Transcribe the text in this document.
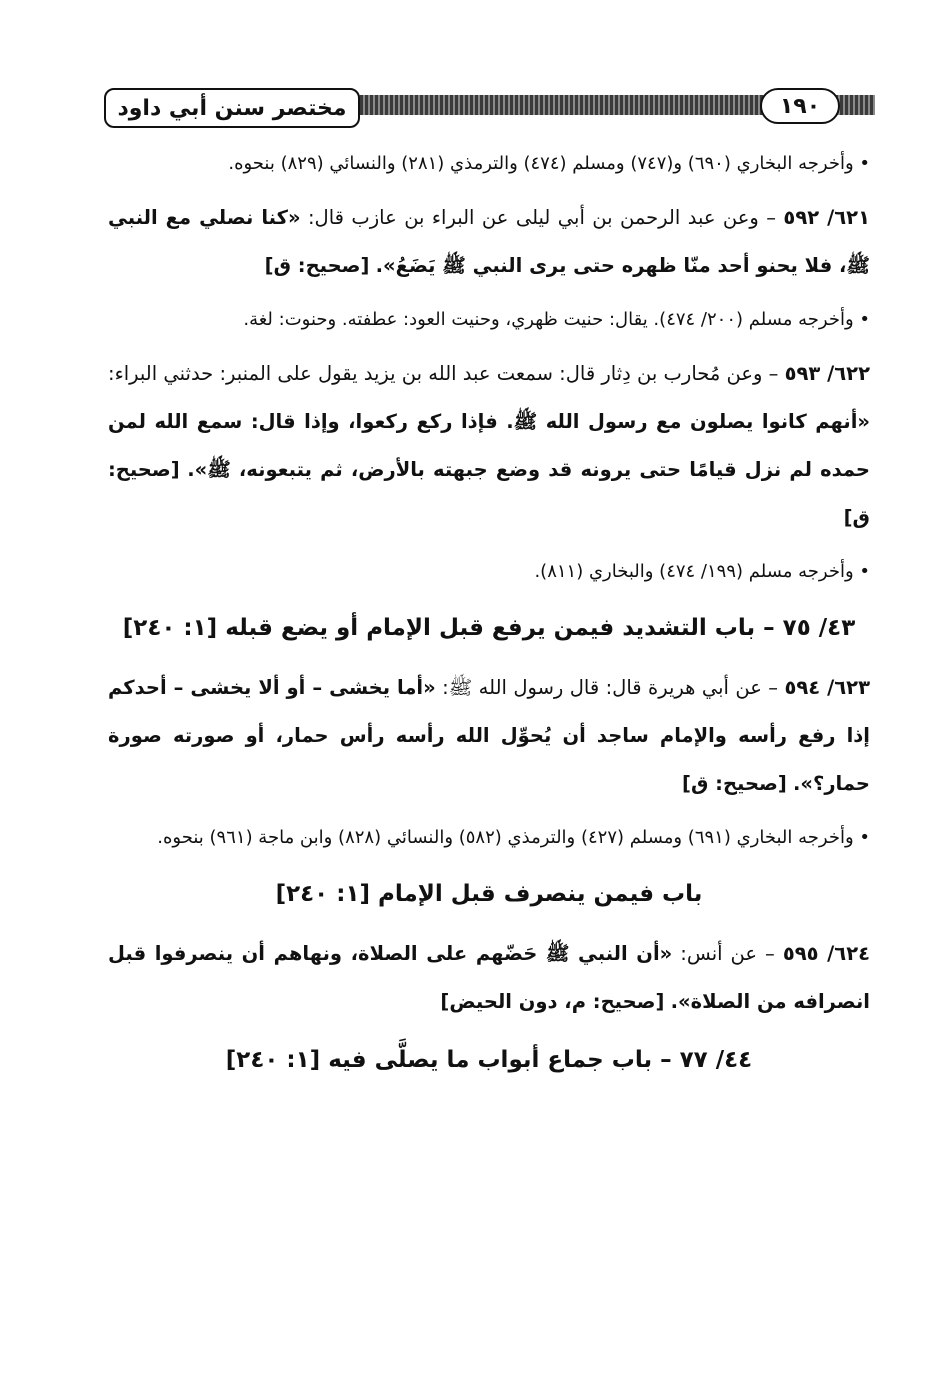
مختصر سنن أبي داود	١٩٠

• وأخرجه البخاري (٦٩٠) و(٧٤٧) ومسلم (٤٧٤) والترمذي (٢٨١) والنسائي (٨٢٩) بنحوه.

٦٢١/ ٥٩٢ – وعن عبد الرحمن بن أبي ليلى عن البراء بن عازب قال: «كنا نصلي مع النبي ﷺ، فلا يحنو أحد منّا ظهره حتى يرى النبي ﷺ يَضَعُ». [صحيح: ق]

• وأخرجه مسلم (٢٠٠/ ٤٧٤). يقال: حنيت ظهري، وحنيت العود: عطفته. وحنوت: لغة.

٦٢٢/ ٥٩٣ – وعن مُحارب بن دِثار قال: سمعت عبد الله بن يزيد يقول على المنبر: حدثني البراء: «أنهم كانوا يصلون مع رسول الله ﷺ. فإذا ركع ركعوا، وإذا قال: سمع الله لمن حمده لم نزل قيامًا حتى يرونه قد وضع جبهته بالأرض، ثم يتبعونه، ﷺ». [صحيح: ق]

• وأخرجه مسلم (١٩٩/ ٤٧٤) والبخاري (٨١١).

٤٣/ ٧٥ – باب التشديد فيمن يرفع قبل الإمام أو يضع قبله [١: ٢٤٠]

٦٢٣/ ٥٩٤ – عن أبي هريرة قال: قال رسول الله ﷺ: «أما يخشى – أو ألا يخشى – أحدكم إذا رفع رأسه والإمام ساجد أن يُحوِّل الله رأسه رأس حمار، أو صورته صورة حمار؟». [صحيح: ق]

• وأخرجه البخاري (٦٩١) ومسلم (٤٢٧) والترمذي (٥٨٢) والنسائي (٨٢٨) وابن ماجة (٩٦١) بنحوه.

باب فيمن ينصرف قبل الإمام [١: ٢٤٠]

٦٢٤/ ٥٩٥ – عن أنس: «أن النبي ﷺ حَضّهم على الصلاة، ونهاهم أن ينصرفوا قبل انصرافه من الصلاة». [صحيح: م، دون الحيض]

٤٤/ ٧٧ – باب جماع أبواب ما يصلَّى فيه [١: ٢٤٠]
